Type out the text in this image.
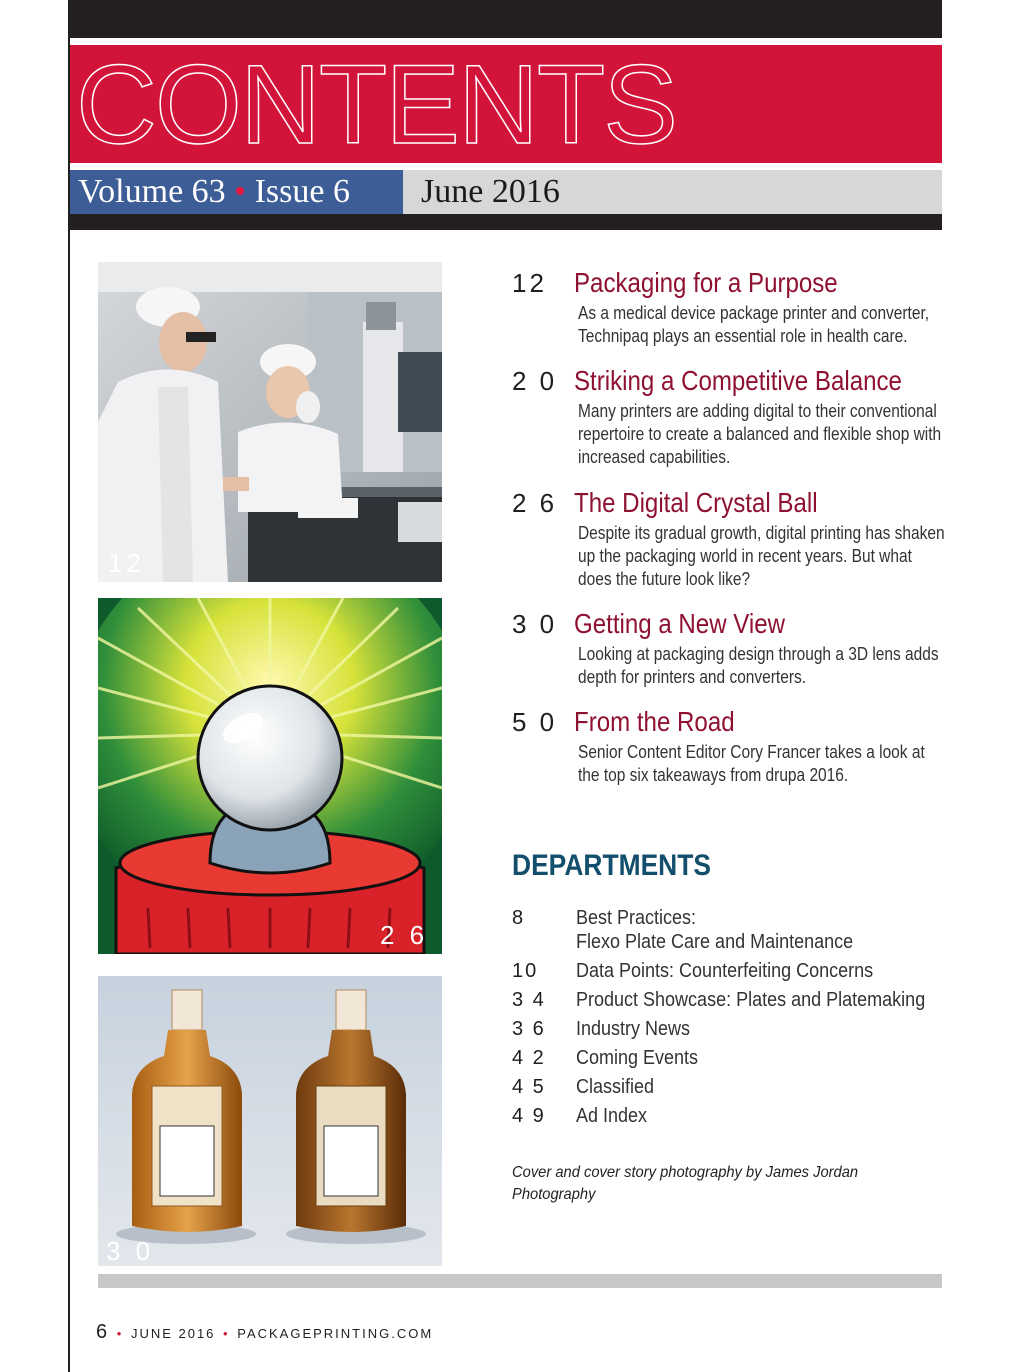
CONTENTS
Volume 63 • Issue 6 June 2016
12
2 6
3 0
12 Packaging for a Purpose
As a medical device package printer and converter, Technipaq plays an essential role in health care.
2 0 Striking a Competitive Balance
Many printers are adding digital to their conventional repertoire to create a balanced and flexible shop with increased capabilities.
2 6 The Digital Crystal Ball
Despite its gradual growth, digital printing has shaken up the packaging world in recent years. But what does the future look like?
3 0 Getting a New View
Looking at packaging design through a 3D lens adds depth for printers and converters.
5 0 From the Road
Senior Content Editor Cory Francer takes a look at the top six takeaways from drupa 2016.
DEPARTMENTS
8	Best Practices:
Flexo Plate Care and Maintenance
10 Data Points: Counterfeiting Concerns
3 4 Product Showcase: Plates and Platemaking
3 6 Industry News
4 2 Coming Events
4 5 Classified
4 9 Ad Index
Cover and cover story photography by James Jordan Photography
6 • JUNE 2016 • PACKAGEPRINTING.COM
